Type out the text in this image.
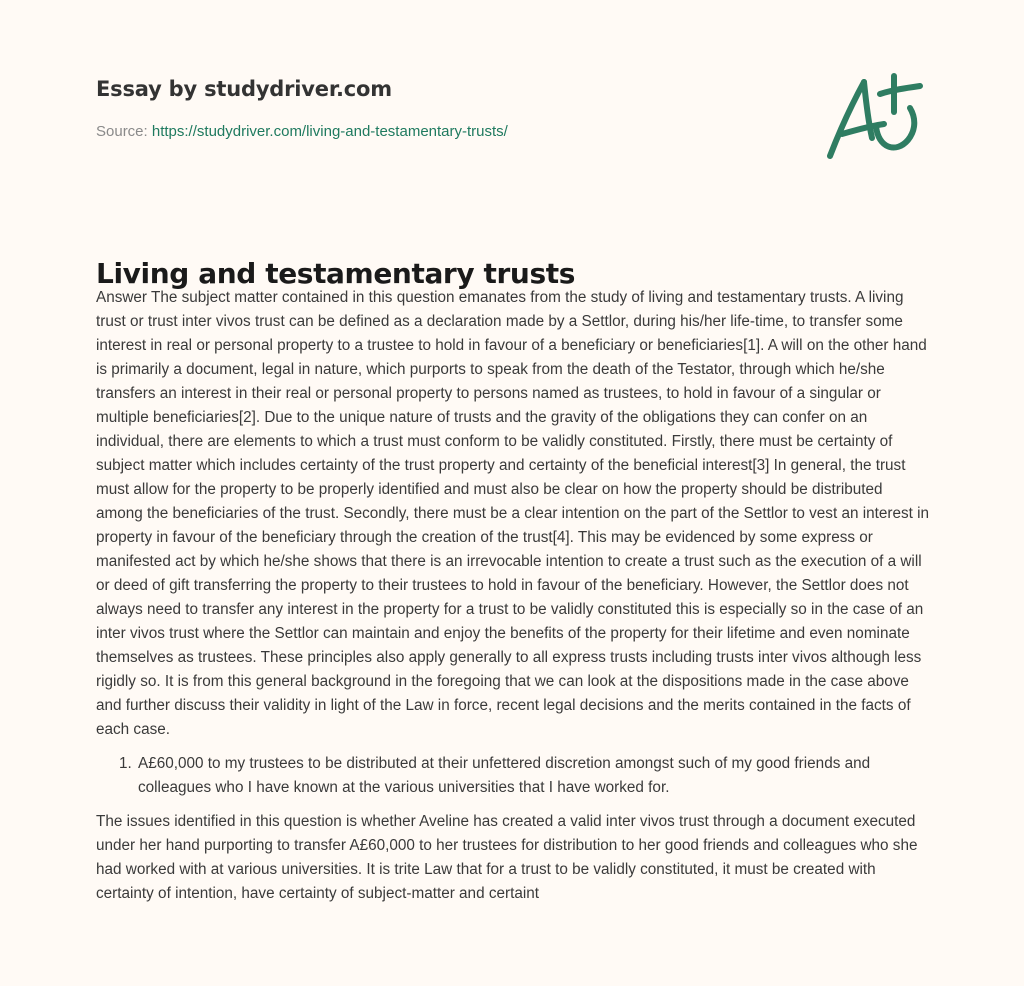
Essay by studydriver.com
Source: https://studydriver.com/living-and-testamentary-trusts/
Living and testamentary trusts

Answer The subject matter contained in this question emanates from the study of living and testamentary trusts. A living trust or trust inter vivos trust can be defined as a declaration made by a Settlor, during his/her life-time, to transfer some interest in real or personal property to a trustee to hold in favour of a beneficiary or beneficiaries[1]. A will on the other hand is primarily a document, legal in nature, which purports to speak from the death of the Testator, through which he/she transfers an interest in their real or personal property to persons named as trustees, to hold in favour of a singular or multiple beneficiaries[2]. Due to the unique nature of trusts and the gravity of the obligations they can confer on an individual, there are elements to which a trust must conform to be validly constituted. Firstly, there must be certainty of subject matter which includes certainty of the trust property and certainty of the beneficial interest[3] In general, the trust must allow for the property to be properly identified and must also be clear on how the property should be distributed among the beneficiaries of the trust. Secondly, there must be a clear intention on the part of the Settlor to vest an interest in property in favour of the beneficiary through the creation of the trust[4]. This may be evidenced by some express or manifested act by which he/she shows that there is an irrevocable intention to create a trust such as the execution of a will or deed of gift transferring the property to their trustees to hold in favour of the beneficiary. However, the Settlor does not always need to transfer any interest in the property for a trust to be validly constituted this is especially so in the case of an inter vivos trust where the Settlor can maintain and enjoy the benefits of the property for their lifetime and even nominate themselves as trustees. These principles also apply generally to all express trusts including trusts inter vivos although less rigidly so. It is from this general background in the foregoing that we can look at the dispositions made in the case above and further discuss their validity in light of the Law in force, recent legal decisions and the merits contained in the facts of each case.

1. A£60,000 to my trustees to be distributed at their unfettered discretion amongst such of my good friends and colleagues who I have known at the various universities that I have worked for.

The issues identified in this question is whether Aveline has created a valid inter vivos trust through a document executed under her hand purporting to transfer A£60,000 to her trustees for distribution to her good friends and colleagues who she had worked with at various universities. It is trite Law that for a trust to be validly constituted, it must be created with certainty of intention, have certainty of subject-matter and certaint
